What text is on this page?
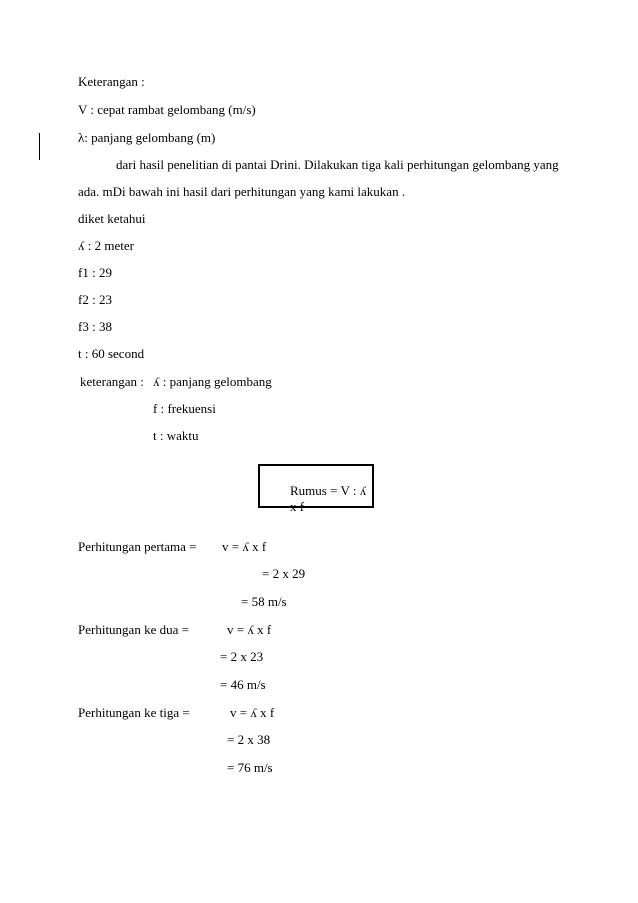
Keterangan :
V : cepat rambat gelombang (m/s)
λ: panjang gelombang (m)
dari hasil penelitian di pantai Drini. Dilakukan tiga kali perhitungan gelombang yang
ada. mDi bawah ini hasil dari perhitungan yang kami lakukan .
diket ketahui
ʎ : 2 meter
f1 : 29
f2 : 23
f3 : 38
t : 60 second
keterangan : ʎ : panjang gelombang
f : frekuensi
t : waktu
Rumus = V : ʎ x f
Perhitungan pertama = v = ʎ x f
= 2 x 29
= 58 m/s
Perhitungan ke dua =	v = ʎ x f
= 2 x 23
= 46 m/s
Perhitungan ke tiga =	v = ʎ x f
= 2 x 38
= 76 m/s
